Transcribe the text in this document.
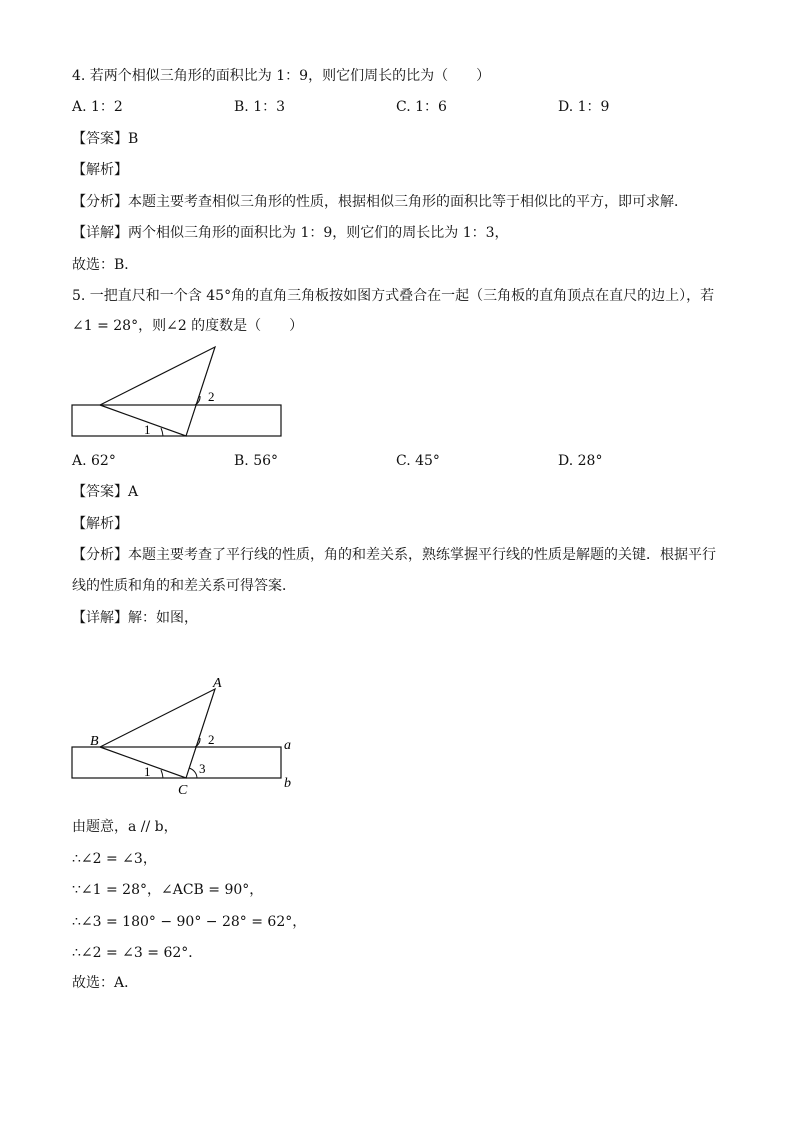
4. 若两个相似三角形的面积比为 1：9，则它们周长的比为（　　）
A. 1：2	B. 1：3	C. 1：6	D. 1：9
【答案】B
【解析】
【分析】本题主要考查相似三角形的性质，根据相似三角形的面积比等于相似比的平方，即可求解．
【详解】两个相似三角形的面积比为 1：9，则它们的周长比为 1：3，
故选：B．
5. 一把直尺和一个含 45°角的直角三角板按如图方式叠合在一起（三角板的直角顶点在直尺的边上），若
∠1 = 28°，则∠2 的度数是（　　）
2
1
A. 62°	B. 56°	C. 45°	D. 28°
【答案】A
【解析】
【分析】本题主要考查了平行线的性质，角的和差关系，熟练掌握平行线的性质是解题的关键．根据平行
线的性质和角的和差关系可得答案．
【详解】解：如图，
A
B
C
a
b
2
1	3
由题意，a // b，
∴∠2 = ∠3，
∵∠1 = 28°，∠ACB = 90°，
∴∠3 = 180° − 90° − 28° = 62°，
∴∠2 = ∠3 = 62°．
故选：A．
